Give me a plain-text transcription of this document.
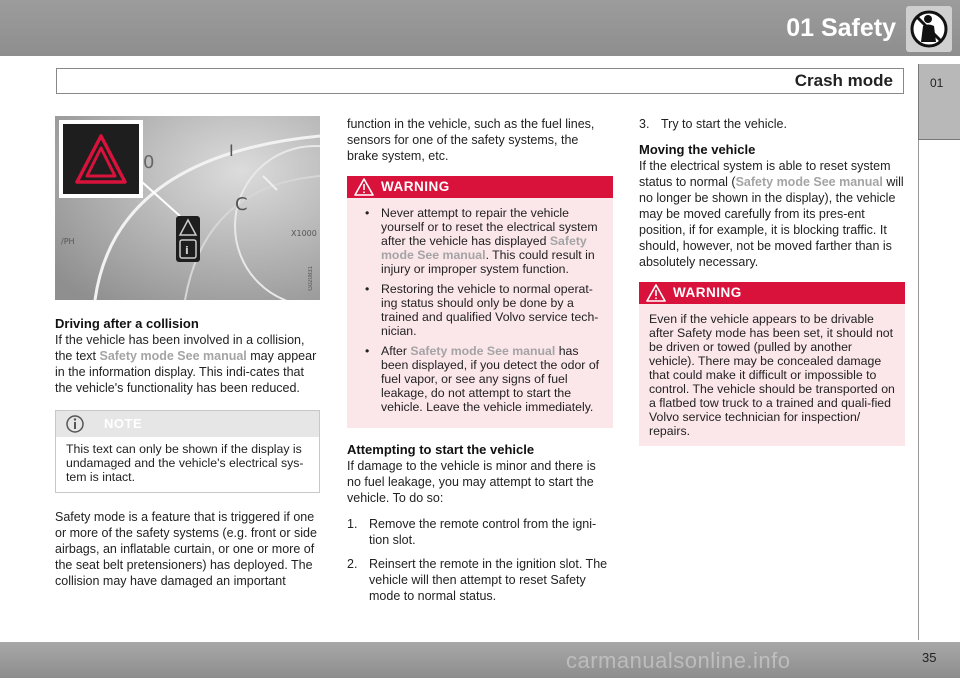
01 Safety
Crash mode	01
I
C
0
X1000
/PH
i
G020831
Driving after a collision

If the vehicle has been involved in a collision, the text Safety mode See manual may appear in the information display. This indi-cates that the vehicle's functionality has been reduced.

NOTE
This text can only be shown if the display is undamaged and the vehicle's electrical sys-tem is intact.

Safety mode is a feature that is triggered if one or more of the safety systems (e.g. front or side airbags, an inflatable curtain, or one or more of the seat belt pretensioners) has deployed. The collision may have damaged an important

function in the vehicle, such as the fuel lines, sensors for one of the safety systems, the brake system, etc.

WARNING
• Never attempt to repair the vehicle yourself or to reset the electrical system after the vehicle has displayed Safety mode See manual. This could result in injury or improper system function.
• Restoring the vehicle to normal operat-ing status should only be done by a trained and qualified Volvo service tech-nician.
• After Safety mode See manual has been displayed, if you detect the odor of fuel vapor, or see any signs of fuel leakage, do not attempt to start the vehicle. Leave the vehicle immediately.
Attempting to start the vehicle

If damage to the vehicle is minor and there is no fuel leakage, you may attempt to start the vehicle. To do so:

1. Remove the remote control from the igni-tion slot.
2. Reinsert the remote in the ignition slot. The vehicle will then attempt to reset Safety mode to normal status.
3. Try to start the vehicle.
Moving the vehicle

If the electrical system is able to reset system status to normal (Safety mode See manual will no longer be shown in the display), the vehicle may be moved carefully from its pres-ent position, if for example, it is blocking traffic. It should, however, not be moved farther than is absolutely necessary.

WARNING
Even if the vehicle appears to be drivable after Safety mode has been set, it should not be driven or towed (pulled by another vehicle). There may be concealed damage that could make it difficult or impossible to control. The vehicle should be transported on a flatbed tow truck to a trained and quali-fied Volvo service technician for inspection/ repairs.
carmanualsonline.info	35
